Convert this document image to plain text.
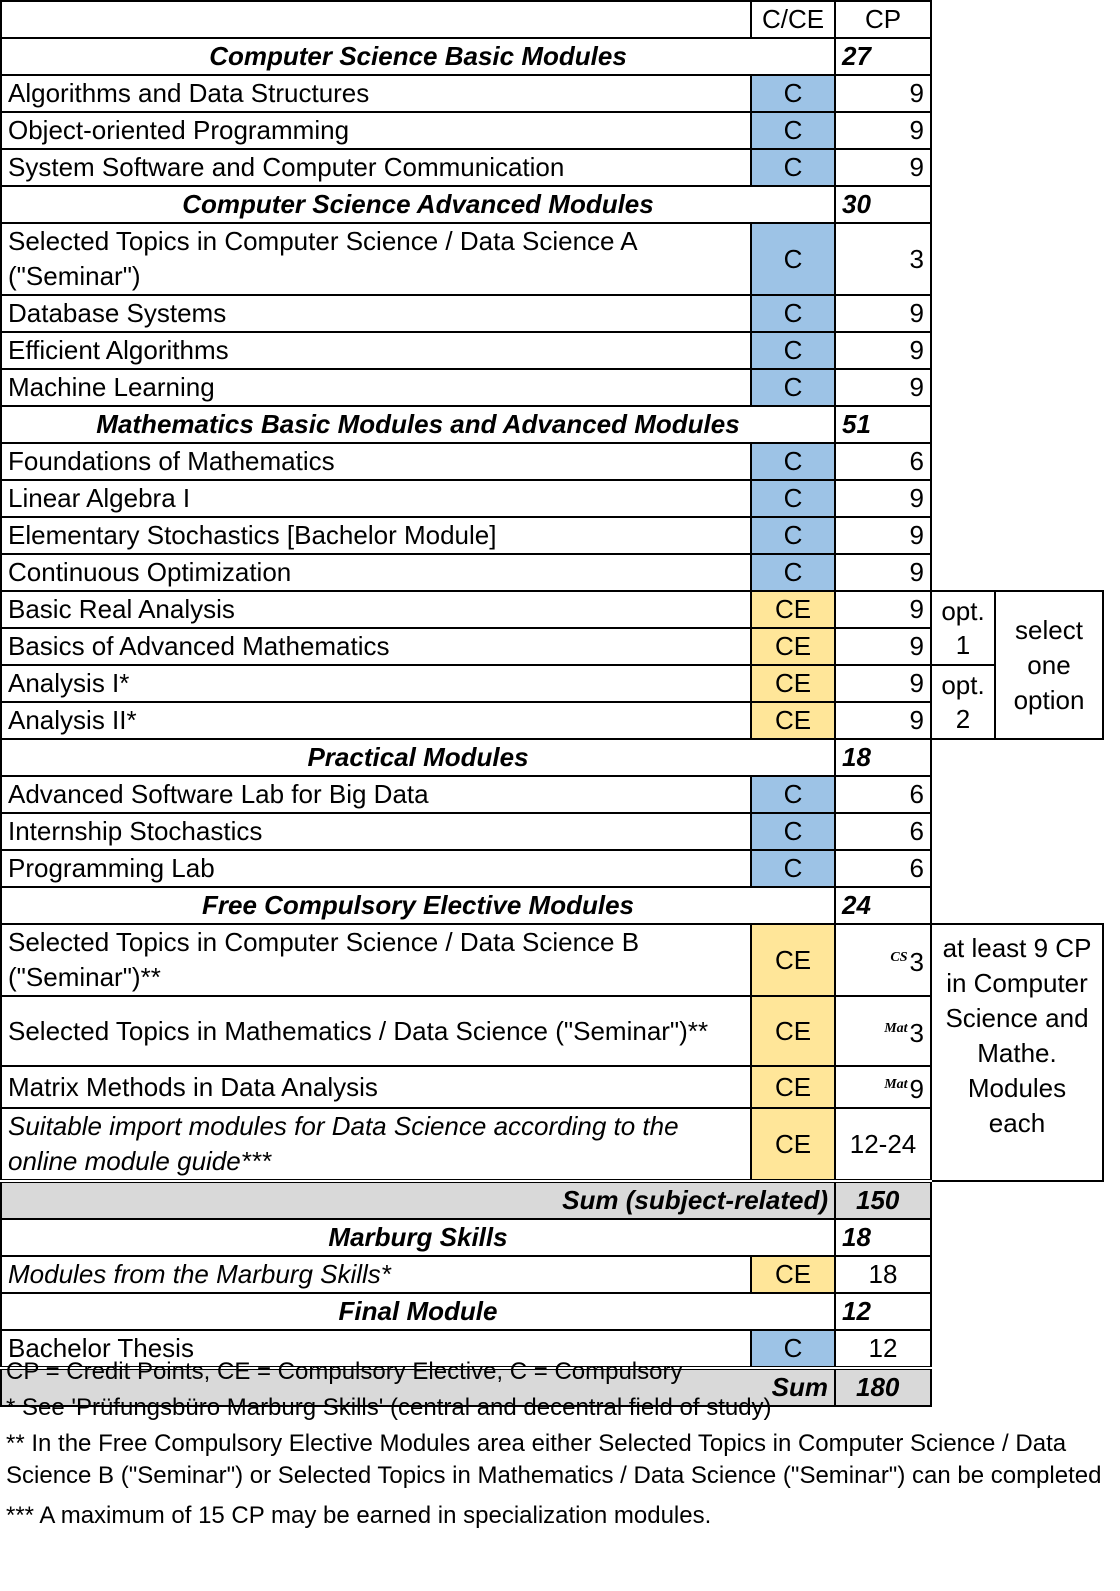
	C/CE	CP		
Computer Science Basic Modules		27		
Algorithms and Data Structures	C	9		
Object-oriented Programming	C	9		
System Software and Computer Communication	C	9		
Computer Science Advanced Modules		30		
Selected Topics in Computer Science / Data Science A ("Seminar")	C	3		
Database Systems	C	9		
Efficient Algorithms	C	9		
Machine Learning	C	9		
Mathematics Basic Modules and Advanced Modules		51		
Foundations of Mathematics	C	6		
Linear Algebra I	C	9		
Elementary Stochastics [Bachelor Module]	C	9		
Continuous Optimization	C	9		
Basic Real Analysis	CE	9	opt. 1	select one option
Basics of Advanced Mathematics	CE	9		
Analysis I*	CE	9	opt. 2	
Analysis II*	CE	9		
Practical Modules		18		
Advanced Software Lab for Big Data	C	6		
Internship Stochastics	C	6		
Programming Lab	C	6		
Free Compulsory Elective Modules		24		
Selected Topics in Computer Science / Data Science B ("Seminar")**	CE	$^{CS}$3	at least 9 CP in Computer Science and Mathe. Modules each	
Selected Topics in Mathematics / Data Science ("Seminar")**	CE	$^{Mat}$3		
Matrix Methods in Data Analysis	CE	$^{Mat}$9		
Suitable import modules for Data Science according to the online module guide***	CE	12-24		
Sum (subject-related)		150		
Marburg Skills		18		
Modules from the Marburg Skills*	CE	18		
Final Module		12		
Bachelor Thesis	C	12		
Sum		180		

CP = Credit Points, CE = Compulsory Elective, C = Compulsory

* See 'Prüfungsbüro Marburg Skills' (central and decentral field of study)

** In the Free Compulsory Elective Modules area either Selected Topics in Computer Science / Data Science B ("Seminar") or Selected Topics in Mathematics / Data Science ("Seminar") can be completed

*** A maximum of 15 CP may be earned in specialization modules.
